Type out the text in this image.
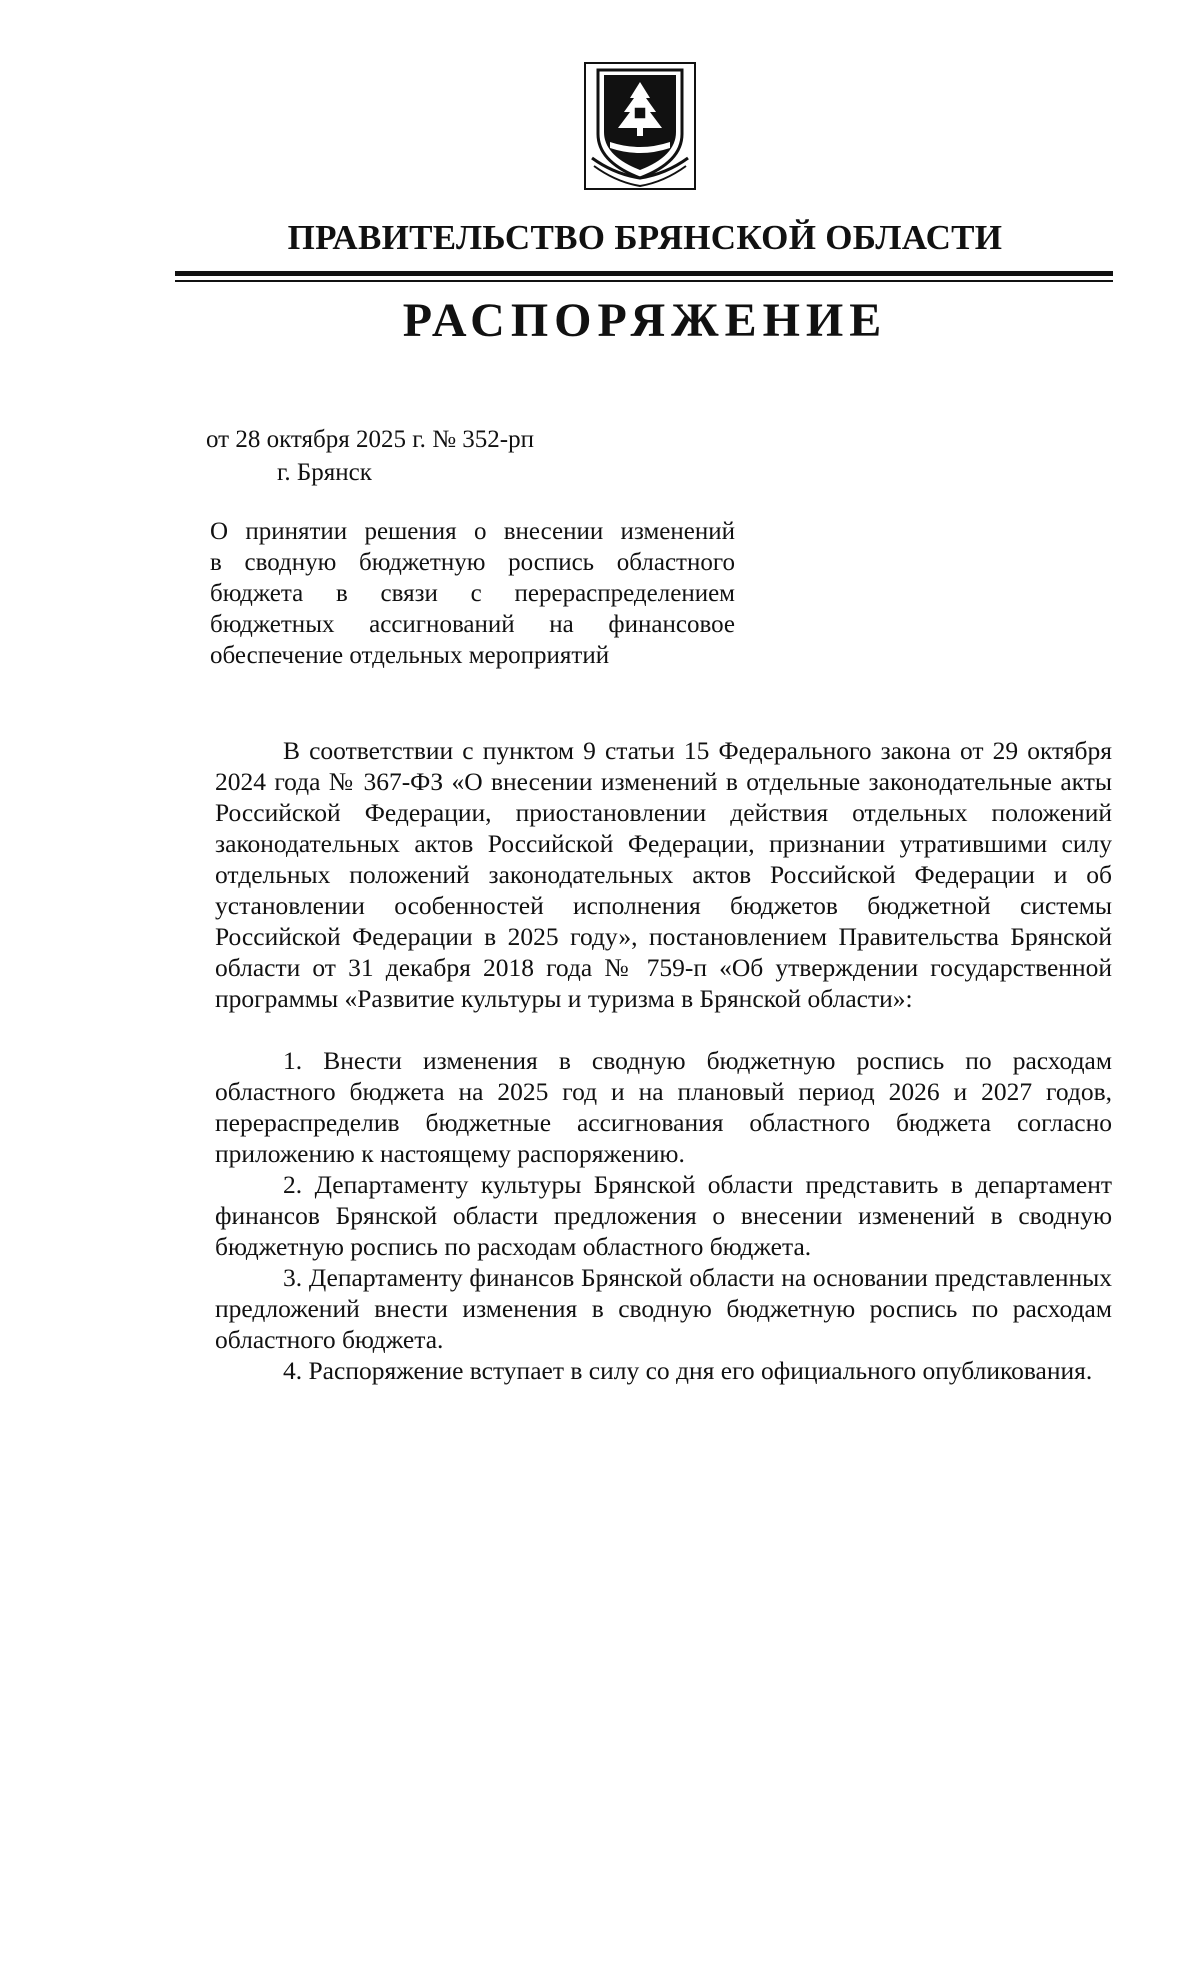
ПРАВИТЕЛЬСТВО БРЯНСКОЙ ОБЛАСТИ
РАСПОРЯЖЕНИЕ
от 28 октября 2025 г. № 352-рп
г. Брянск
О принятии решения о внесении изменений
в сводную бюджетную роспись областного
бюджета в связи с перераспределением
бюджетных ассигнований на финансовое
обеспечение отдельных мероприятий

В соответствии с пунктом 9 статьи 15 Федерального закона от 29 октября 2024 года № 367-ФЗ «О внесении изменений в отдельные законодательные акты Российской Федерации, приостановлении действия отдельных положений законодательных актов Российской Федерации, признании утратившими силу отдельных положений законодательных актов Российской Федерации и об установлении особенностей исполнения бюджетов бюджетной системы Российской Федерации в 2025 году», постановлением Правительства Брянской области от 31 декабря 2018 года № 759-п «Об утверждении государственной программы «Развитие культуры и туризма в Брянской области»:

1. Внести изменения в сводную бюджетную роспись по расходам областного бюджета на 2025 год и на плановый период 2026 и 2027 годов, перераспределив бюджетные ассигнования областного бюджета согласно приложению к настоящему распоряжению.

2. Департаменту культуры Брянской области представить в департамент финансов Брянской области предложения о внесении изменений в сводную бюджетную роспись по расходам областного бюджета.

3. Департаменту финансов Брянской области на основании представленных предложений внести изменения в сводную бюджетную роспись по расходам областного бюджета.

4. Распоряжение вступает в силу со дня его официального опубликования.
